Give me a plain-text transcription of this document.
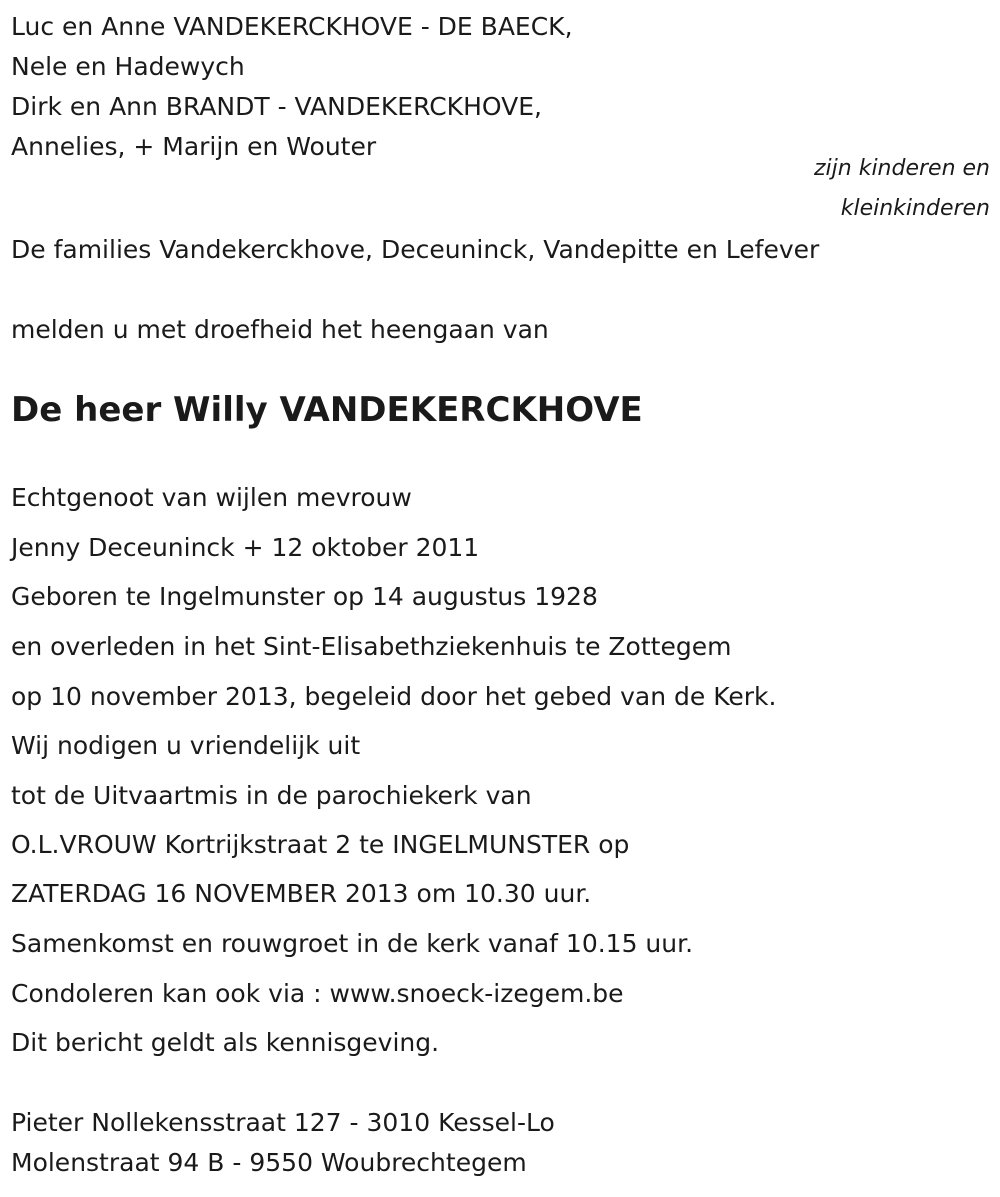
Luc en Anne VANDEKERCKHOVE - DE BAECK,
Nele en Hadewych
Dirk en Ann BRANDT - VANDEKERCKHOVE,
Annelies, + Marijn en Wouter
zijn kinderen en
kleinkinderen
De families Vandekerckhove, Deceuninck, Vandepitte en Lefever
melden u met droefheid het heengaan van
De heer Willy VANDEKERCKHOVE
Echtgenoot van wijlen mevrouw
Jenny Deceuninck + 12 oktober 2011
Geboren te Ingelmunster op 14 augustus 1928
en overleden in het Sint-Elisabethziekenhuis te Zottegem
op 10 november 2013, begeleid door het gebed van de Kerk.
Wij nodigen u vriendelijk uit
tot de Uitvaartmis in de parochiekerk van
O.L.VROUW Kortrijkstraat 2 te INGELMUNSTER op
ZATERDAG 16 NOVEMBER 2013 om 10.30 uur.
Samenkomst en rouwgroet in de kerk vanaf 10.15 uur.
Condoleren kan ook via : www.snoeck-izegem.be
Dit bericht geldt als kennisgeving.
Pieter Nollekensstraat 127 - 3010 Kessel-Lo
Molenstraat 94 B - 9550 Woubrechtegem
